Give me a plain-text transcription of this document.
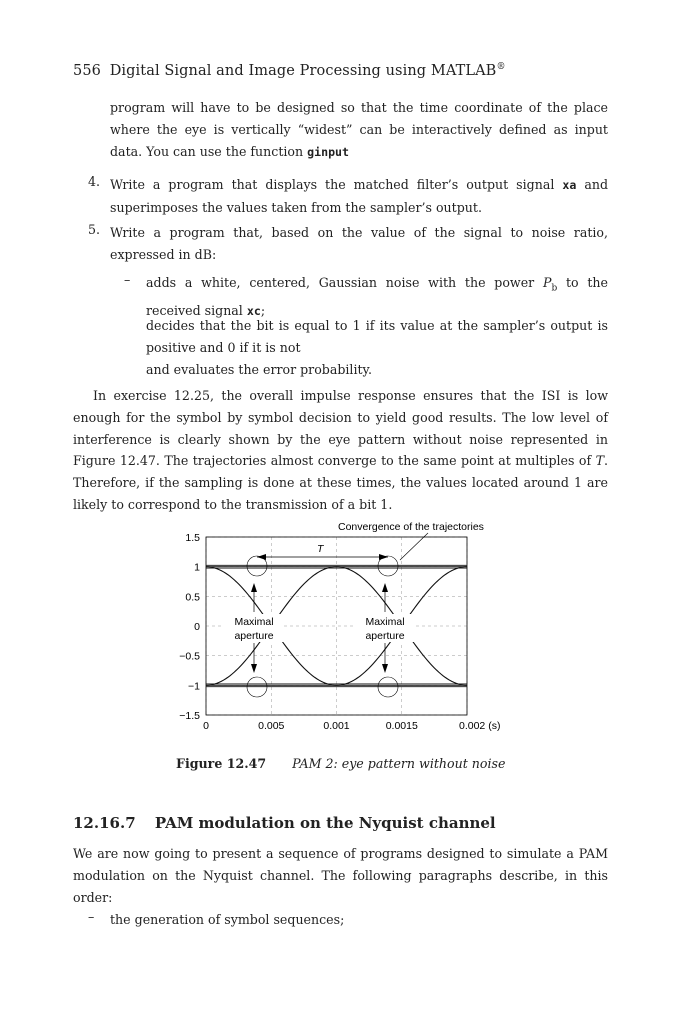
556 Digital Signal and Image Processing using MATLAB®
program will have to be designed so that the time coordinate of the place where the eye is vertically “widest” can be interactively defined as input data. You can use the function ginput
4. Write a program that displays the matched filter’s output signal xa and superimposes the values taken from the sampler’s output.
5. Write a program that, based on the value of the signal to noise ratio, expressed in dB:
– adds a white, centered, Gaussian noise with the power $P_b$ to the received signal xc;
decides that the bit is equal to 1 if its value at the sampler’s output is positive and 0 if it is not
and evaluates the error probability.
In exercise 12.25, the overall impulse response ensures that the ISI is low enough for the symbol by symbol decision to yield good results. The low level of interference is clearly shown by the eye pattern without noise represented in Figure 12.47. The trajectories almost converge to the same point at multiples of T. Therefore, if the sampling is done at these times, the values located around 1 are likely to correspond to the transmission of a bit 1.
1.5
1
0.5
0
−0.5
−1
−1.5
0	0.005	0.001	0.0015	0.002 (s)
Convergence of the trajectories
T
Maximal
aperture
Maximal
aperture
Figure 12.47 PAM 2: eye pattern without noise
12.16.7 PAM modulation on the Nyquist channel
We are now going to present a sequence of programs designed to simulate a PAM modulation on the Nyquist channel. The following paragraphs describe, in this order:
– the generation of symbol sequences;
